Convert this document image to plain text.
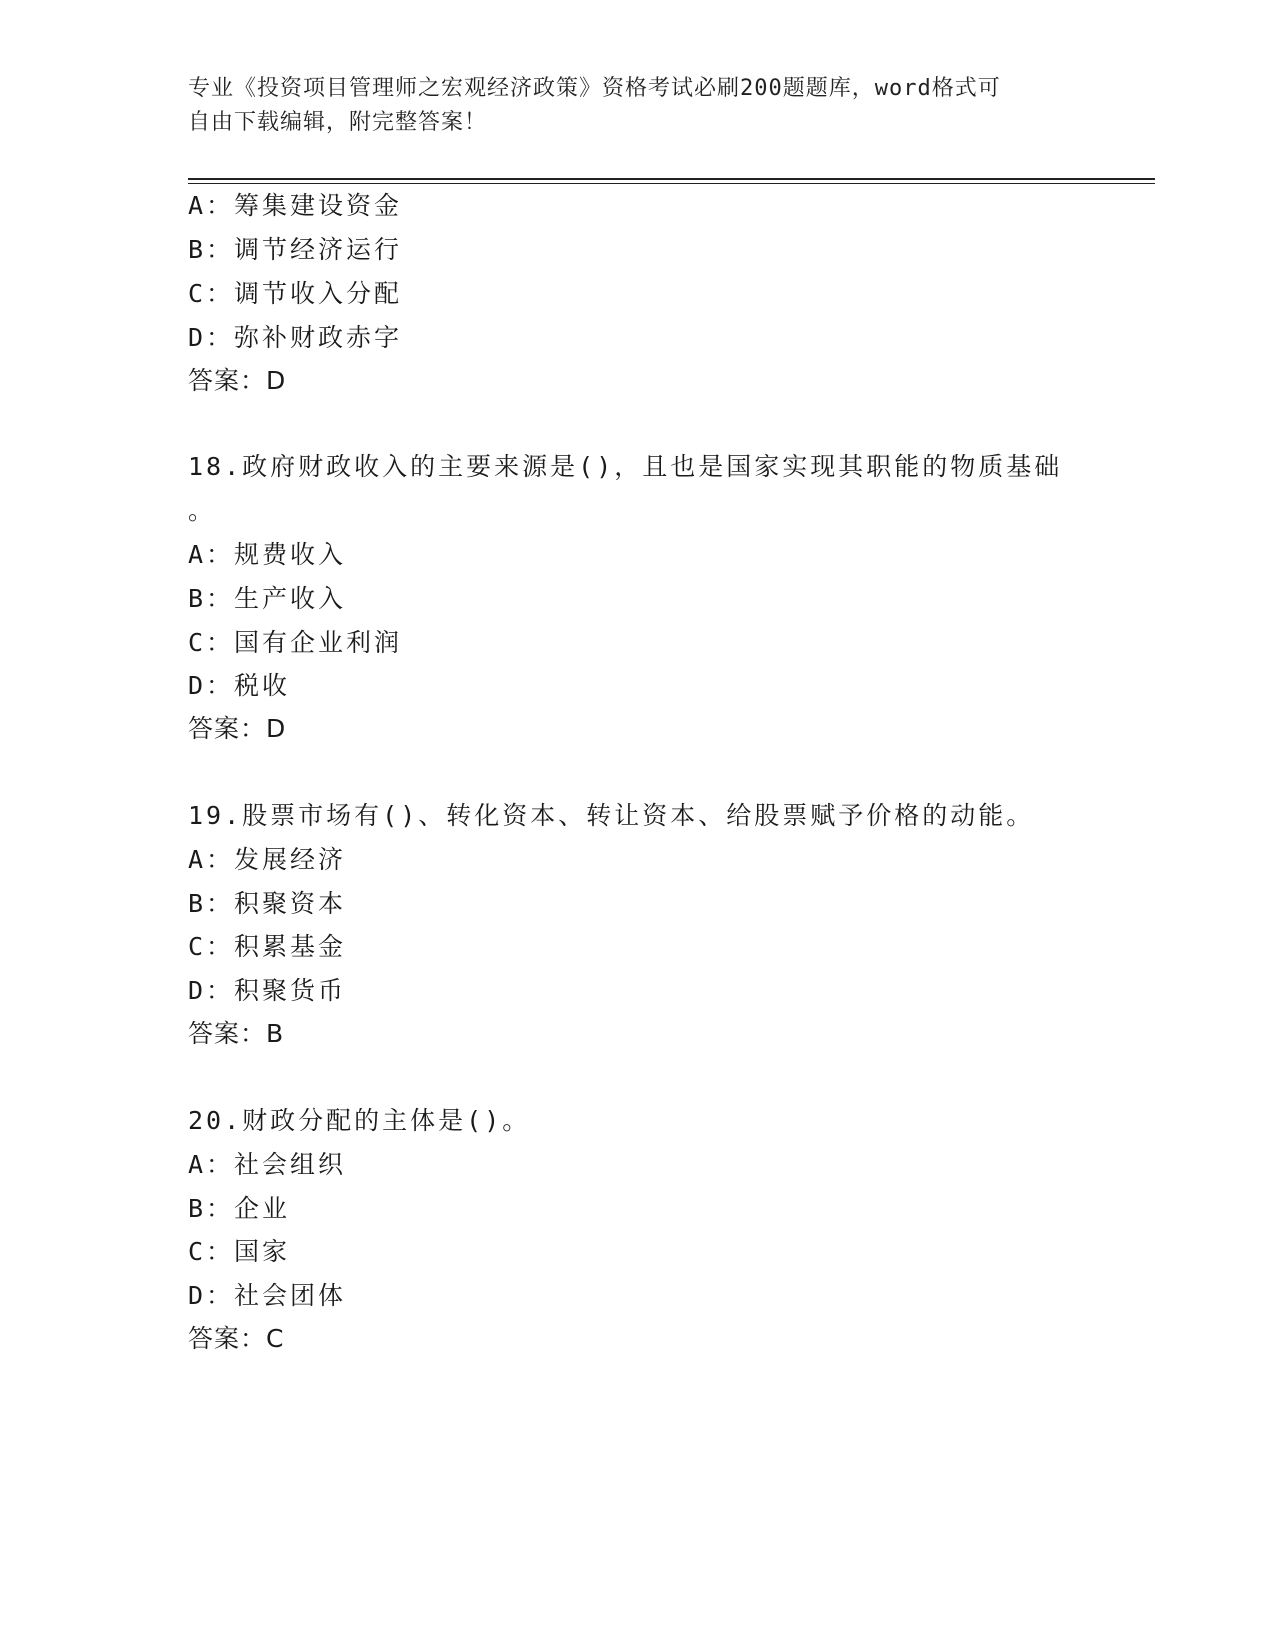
专业《投资项目管理师之宏观经济政策》资格考试必刷200题题库，word格式可
自由下载编辑，附完整答案！
A：筹集建设资金
B：调节经济运行
C：调节收入分配
D：弥补财政赤字
答案：D
18.政府财政收入的主要来源是()，且也是国家实现其职能的物质基础
。
A：规费收入
B：生产收入
C：国有企业利润
D：税收
答案：D
19.股票市场有()、转化资本、转让资本、给股票赋予价格的动能。
A：发展经济
B：积聚资本
C：积累基金
D：积聚货币
答案：B
20.财政分配的主体是()。
A：社会组织
B：企业
C：国家
D：社会团体
答案：C
